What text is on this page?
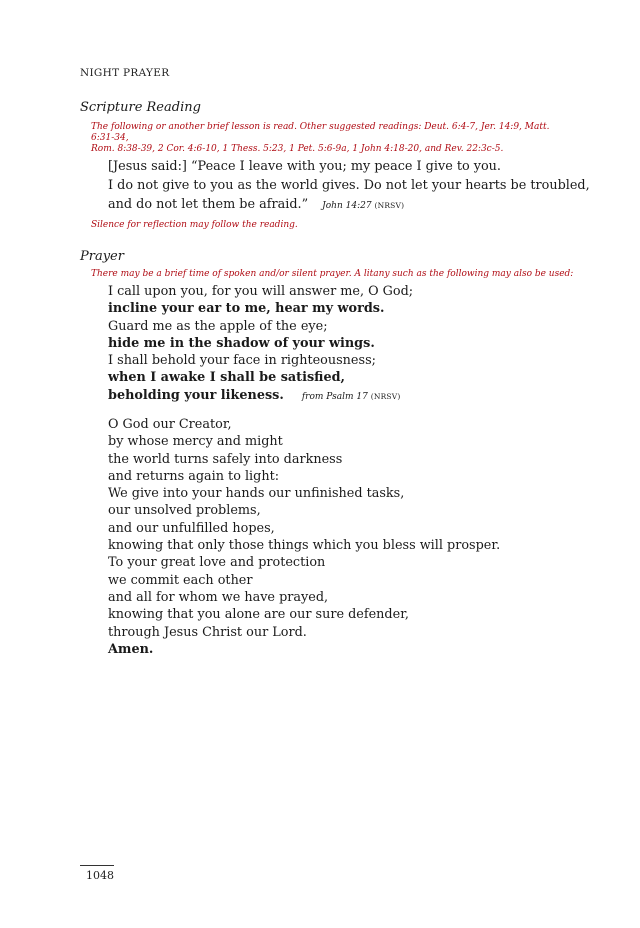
NIGHT PRAYER
Scripture Reading
The following or another brief lesson is read. Other suggested readings: Deut. 6:4-7, Jer. 14:9, Matt. 6:31-34,
Rom. 8:38-39, 2 Cor. 4:6-10, 1 Thess. 5:23, 1 Pet. 5:6-9a, 1 John 4:18-20, and Rev. 22:3c-5.
[Jesus said:] “Peace I leave with you; my peace I give to you.
I do not give to you as the world gives. Do not let your hearts be troubled,
and do not let them be afraid.” John 14:27 (NRSV)
Silence for reflection may follow the reading.
Prayer
There may be a brief time of spoken and/or silent prayer. A litany such as the following may also be used:
I call upon you, for you will answer me, O God;
incline your ear to me, hear my words.
Guard me as the apple of the eye;
hide me in the shadow of your wings.
I shall behold your face in righteousness;
when I awake I shall be satisfied,
beholding your likeness. from Psalm 17 (NRSV)
O God our Creator,
by whose mercy and might
the world turns safely into darkness
and returns again to light:
We give into your hands our unfinished tasks,
our unsolved problems,
and our unfulfilled hopes,
knowing that only those things which you bless will prosper.
To your great love and protection
we commit each other
and all for whom we have prayed,
knowing that you alone are our sure defender,
through Jesus Christ our Lord.
Amen.
1048
